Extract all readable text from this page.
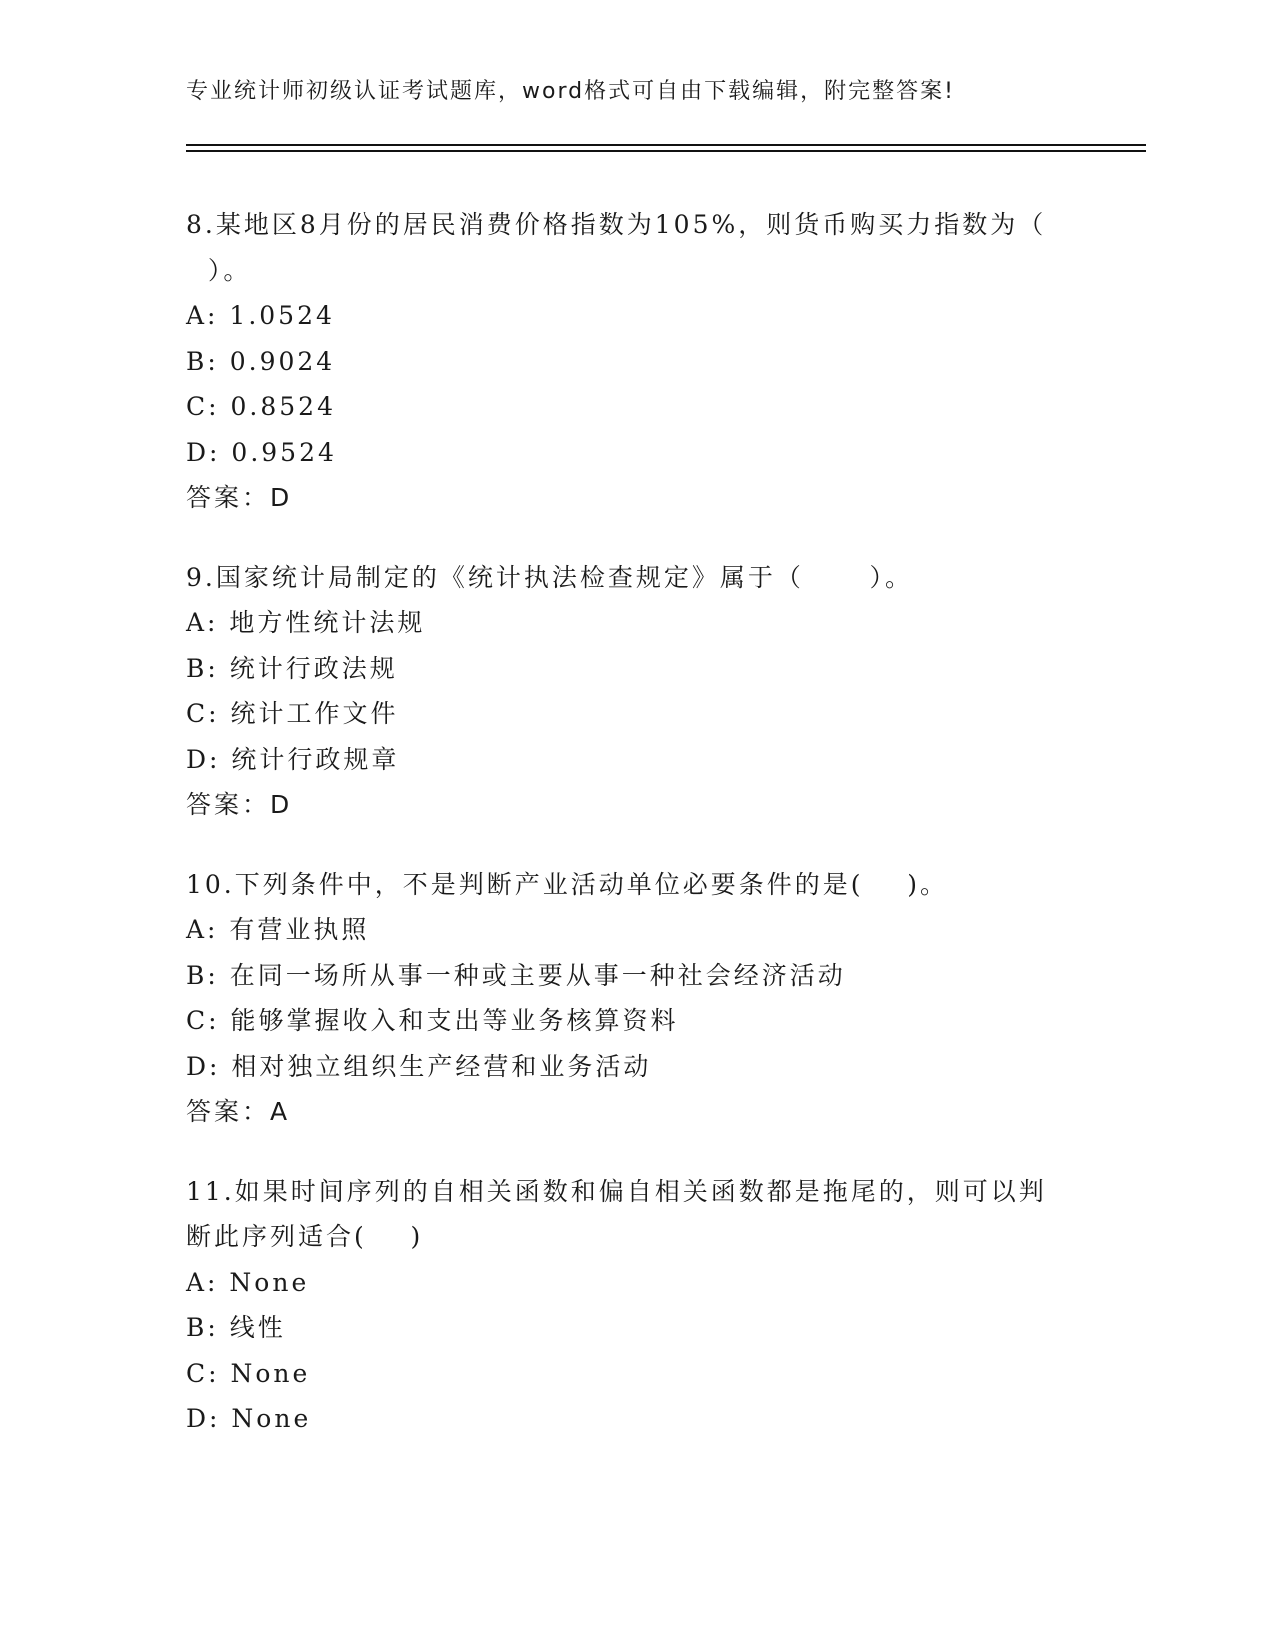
专业统计师初级认证考试题库，word格式可自由下载编辑，附完整答案!
8.某地区8月份的居民消费价格指数为105%，则货币购买力指数为（
）。
A: 1.0524
B: 0.9024
C: 0.8524
D: 0.9524
答案：D
9.国家统计局制定的《统计执法检查规定》属于（      ）。
A: 地方性统计法规
B: 统计行政法规
C: 统计工作文件
D: 统计行政规章
答案：D
10.下列条件中，不是判断产业活动单位必要条件的是(    )。
A: 有营业执照
B: 在同一场所从事一种或主要从事一种社会经济活动
C: 能够掌握收入和支出等业务核算资料
D: 相对独立组织生产经营和业务活动
答案：A
11.如果时间序列的自相关函数和偏自相关函数都是拖尾的，则可以判
断此序列适合(    )
A: None
B: 线性
C: None
D: None
